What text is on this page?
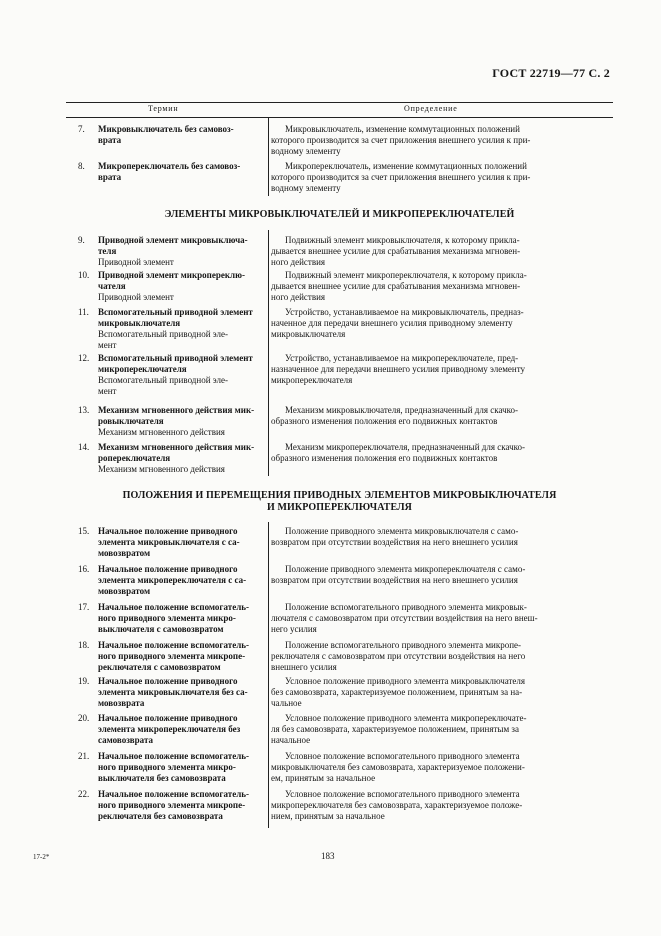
ГОСТ 22719—77 С. 2
Термин	Определение
ЭЛЕМЕНТЫ МИКРОВЫКЛЮЧАТЕЛЕЙ И МИКРОПЕРЕКЛЮЧАТЕЛЕЙ
ПОЛОЖЕНИЯ И ПЕРЕМЕЩЕНИЯ ПРИВОДНЫХ ЭЛЕМЕНТОВ МИКРОВЫКЛЮЧАТЕЛЯ
И МИКРОПЕРЕКЛЮЧАТЕЛЯ
7. Микровыключатель без самовоз-
врата
Микровыключатель, изменение коммутационных положений
которого производится за счет приложения внешнего усилия к при-
водному элементу
8. Микропереключатель без самовоз-
врата
Микропереключатель, изменение коммутационных положений
которого производится за счет приложения внешнего усилия к при-
водному элементу
9. Приводной элемент микровыключа-
теля
Приводной элемент
Подвижный элемент микровыключателя, к которому прикла-
дывается внешнее усилие для срабатывания механизма мгновен-
ного действия
10. Приводной элемент микропереклю-
чателя
Приводной элемент
Подвижный элемент микропереключателя, к которому прикла-
дывается внешнее усилие для срабатывания механизма мгновен-
ного действия
11. Вспомогательный приводной элемент
микровыключателя
Вспомогательный приводной эле-
мент
Устройство, устанавливаемое на микровыключатель, предназ-
наченное для передачи внешнего усилия приводному элементу
микровыключателя
12. Вспомогательный приводной элемент
микропереключателя
Вспомогательный приводной эле-
мент
Устройство, устанавливаемое на микропереключателе, пред-
назначенное для передачи внешнего усилия приводному элементу
микропереключателя
13. Механизм мгновенного действия мик-
ровыключателя
Механизм мгновенного действия
Механизм микровыключателя, предназначенный для скачко-
образного изменения положения его подвижных контактов
14. Механизм мгновенного действия мик-
ропереключателя
Механизм мгновенного действия
Механизм микропереключателя, предназначенный для скачко-
образного изменения положения его подвижных контактов
15. Начальное положение приводного
элемента микровыключателя с са-
мовозвратом
Положение приводного элемента микровыключателя с само-
возвратом при отсутствии воздействия на него внешнего усилия
16. Начальное положение приводного
элемента микропереключателя с са-
мовозвратом
Положение приводного элемента микропереключателя с само-
возвратом при отсутствии воздействия на него внешнего усилия
17. Начальное положение вспомогатель-
ного приводного элемента микро-
выключателя с самовозвратом
Положение вспомогательного приводного элемента микровык-
лючателя с самовозвратом при отсутствии воздействия на него внеш-
него усилия
18. Начальное положение вспомогатель-
ного приводного элемента микропе-
реключателя с самовозвратом
Положение вспомогательного приводного элемента микропе-
реключателя с самовозвратом при отсутствии воздействия на него
внешнего усилия
19. Начальное положение приводного
элемента микровыключателя без са-
мовозврата
Условное положение приводного элемента микровыключателя
без самовозврата, характеризуемое положением, принятым за на-
чальное
20. Начальное положение приводного
элемента микропереключателя без
самовозврата
Условное положение приводного элемента микропереключате-
ля без самовозврата, характеризуемое положением, принятым за
начальное
21. Начальное положение вспомогатель-
ного приводного элемента микро-
выключателя без самовозврата
Условное положение вспомогательного приводного элемента
микровыключателя без самовозврата, характеризуемое положени-
ем, принятым за начальное
22. Начальное положение вспомогатель-
ного приводного элемента микропе-
реключателя без самовозврата
Условное положение вспомогательного приводного элемента
микропереключателя без самовозврата, характеризуемое положе-
нием, принятым за начальное
17-2*	183
